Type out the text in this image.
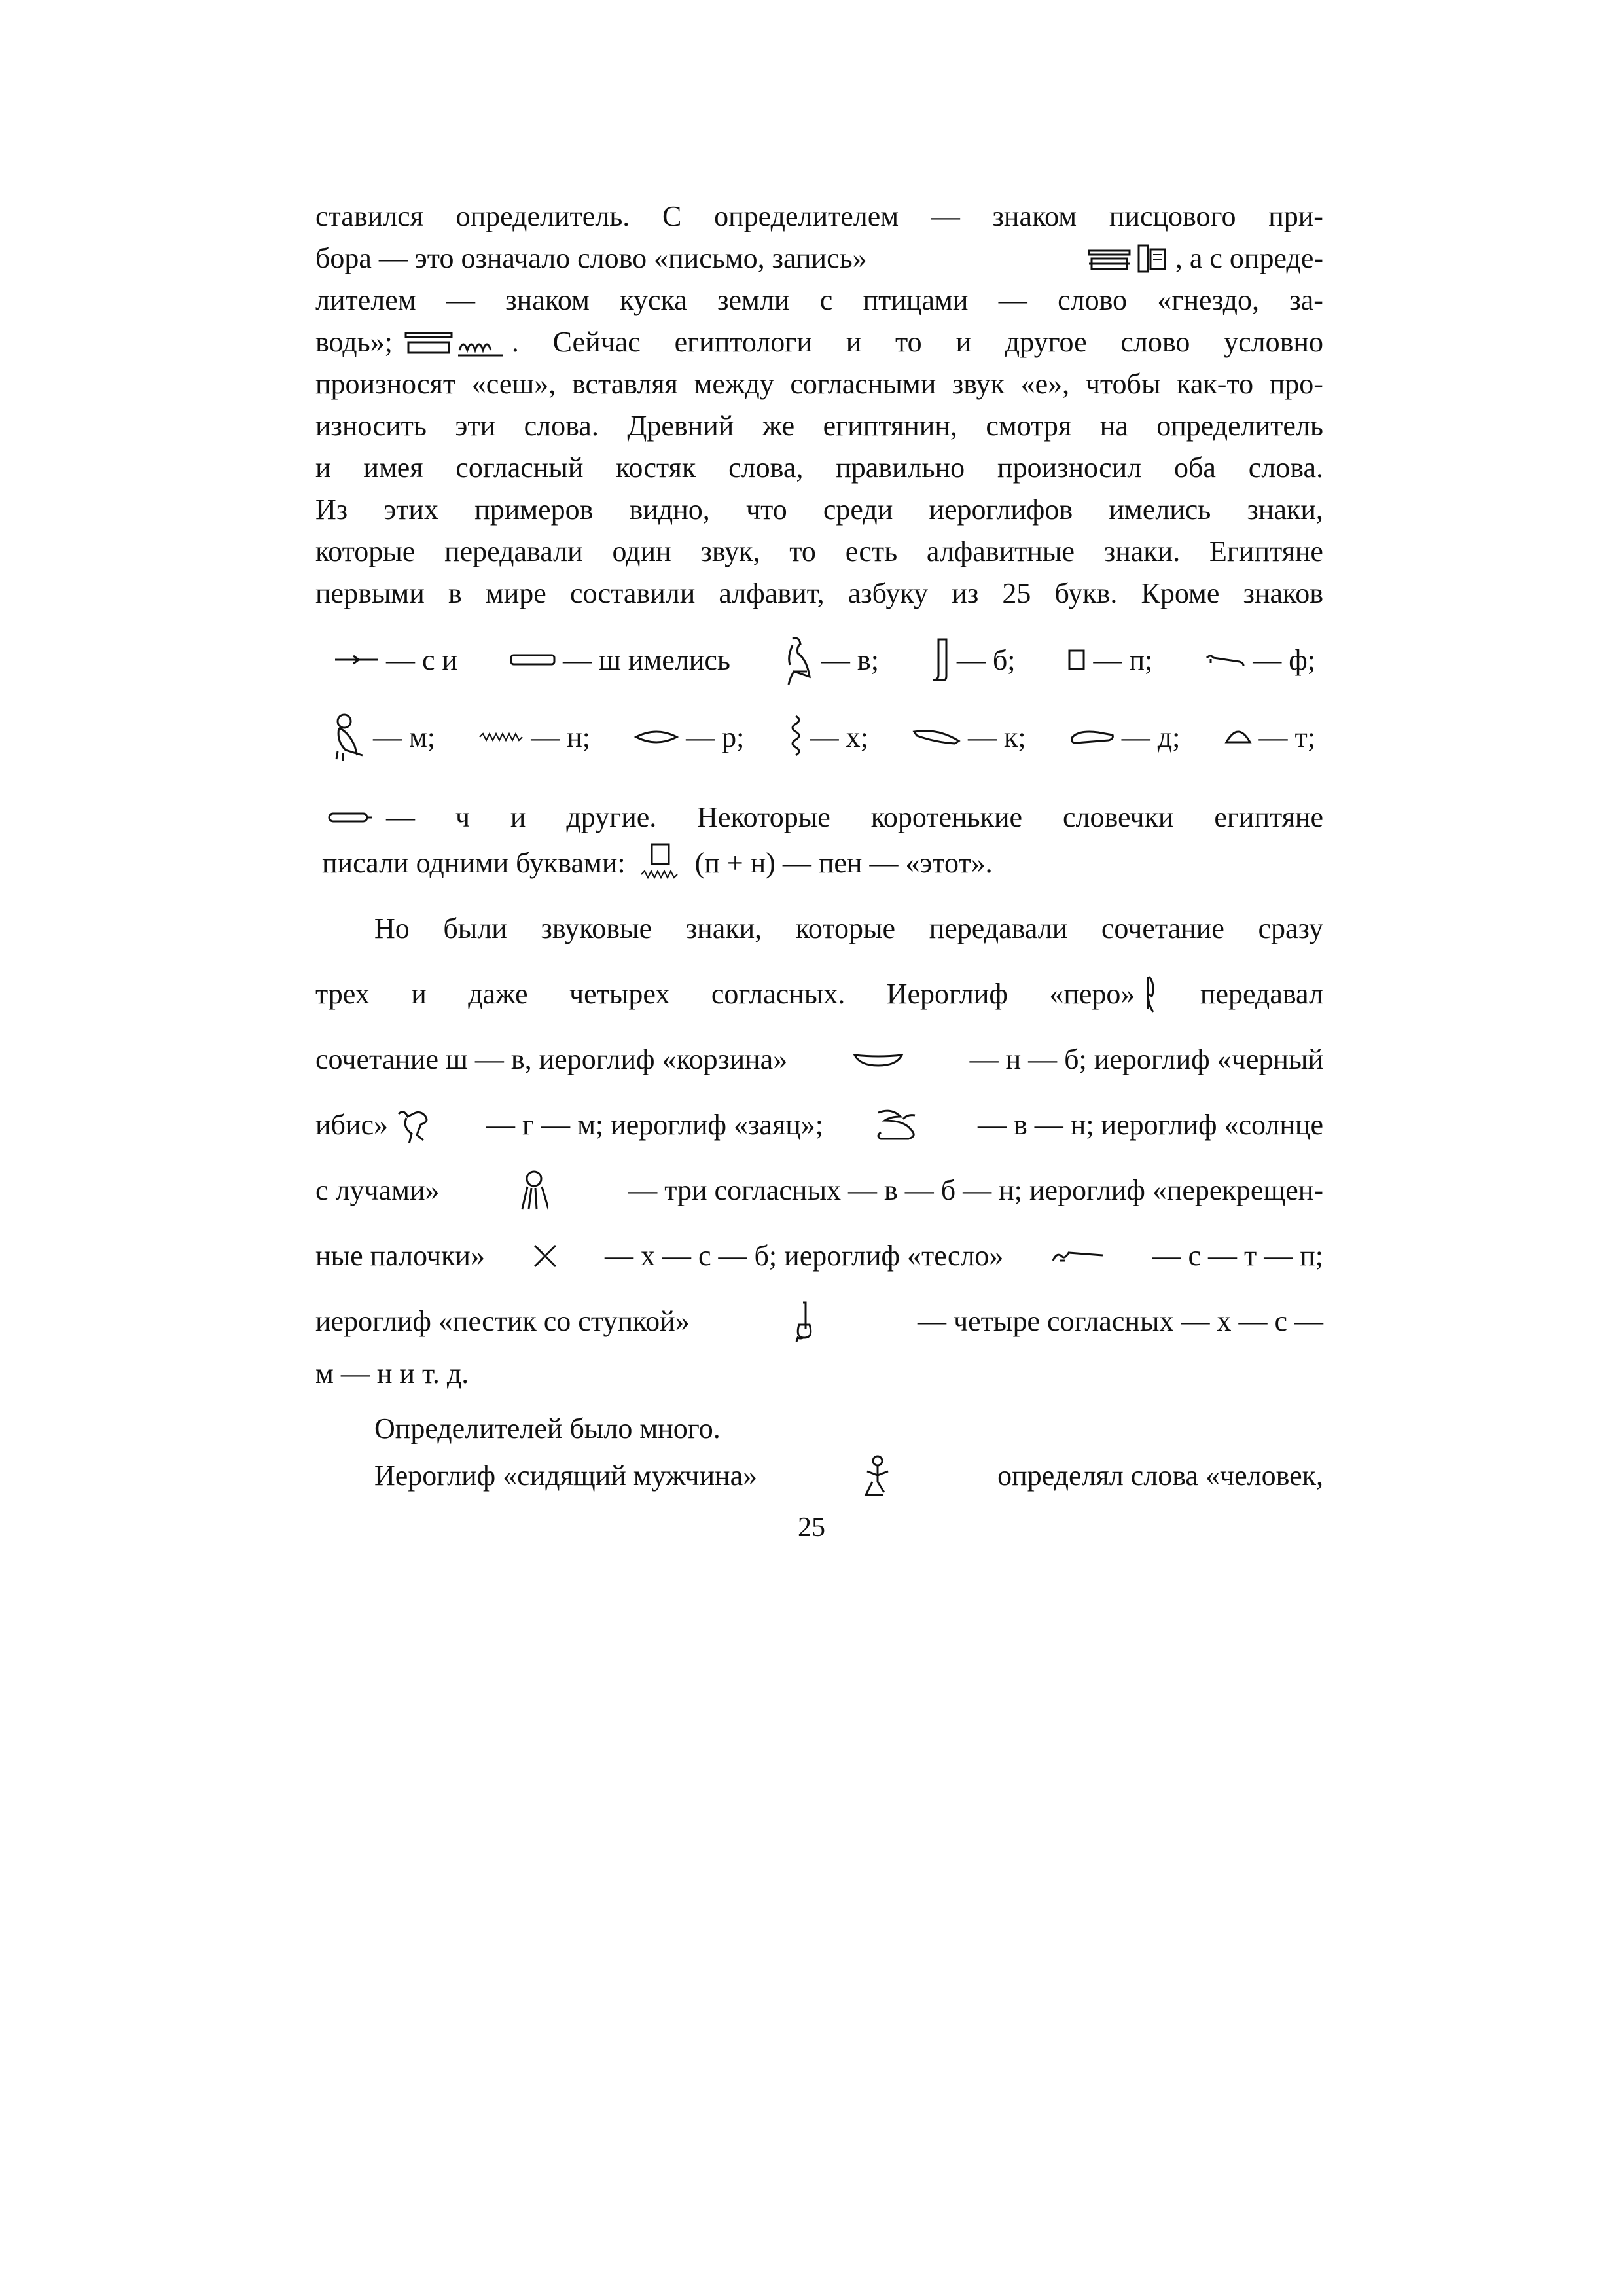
ставился определитель. С определителем — знаком писцового при-
бора — это означало слово «письмо, запись»	, а с опреде-
лителем — знаком куска земли с птицами — слово «гнездо, за-
водь»;	. Сейчас египтологи и то и другое слово условно
произносят «сеш», вставляя между согласными звук «е», чтобы как-то про-
износить эти слова. Древний же египтянин, смотря на определитель
и имея согласный костяк слова, правильно произносил оба слова.
Из этих примеров видно, что среди иероглифов имелись знаки,
которые передавали один звук, то есть алфавитные знаки. Египтяне
первыми в мире составили алфавит, азбуку из 25 букв. Кроме знаков
— с и	— ш имелись	— в;	— б;	— п;	— ф;
— м;	— н;	— р; — х;	— к;	— д;	— т;
— ч и другие. Некоторые коротенькие словечки египтяне
писали одними буквами: (п + н) — пен — «этот».
Но были звуковые знаки, которые передавали сочетание сразу
трех и даже четырех согласных. Иероглиф «перо» передавал
сочетание ш — в, иероглиф «корзина»	— н — б; иероглиф «черный
ибис»	— г — м; иероглиф «заяц»;	— в — н; иероглиф «солнце
с лучами»	— три согласных — в — б — н; иероглиф «перекрещен-
ные палочки»	— х — с — б; иероглиф «тесло»	— с — т — п;
иероглиф «пестик со ступкой»	— четыре согласных — х — с —
м — н и т. д.
Определителей было много.
Иероглиф «сидящий мужчина»	определял слова «человек,
25
